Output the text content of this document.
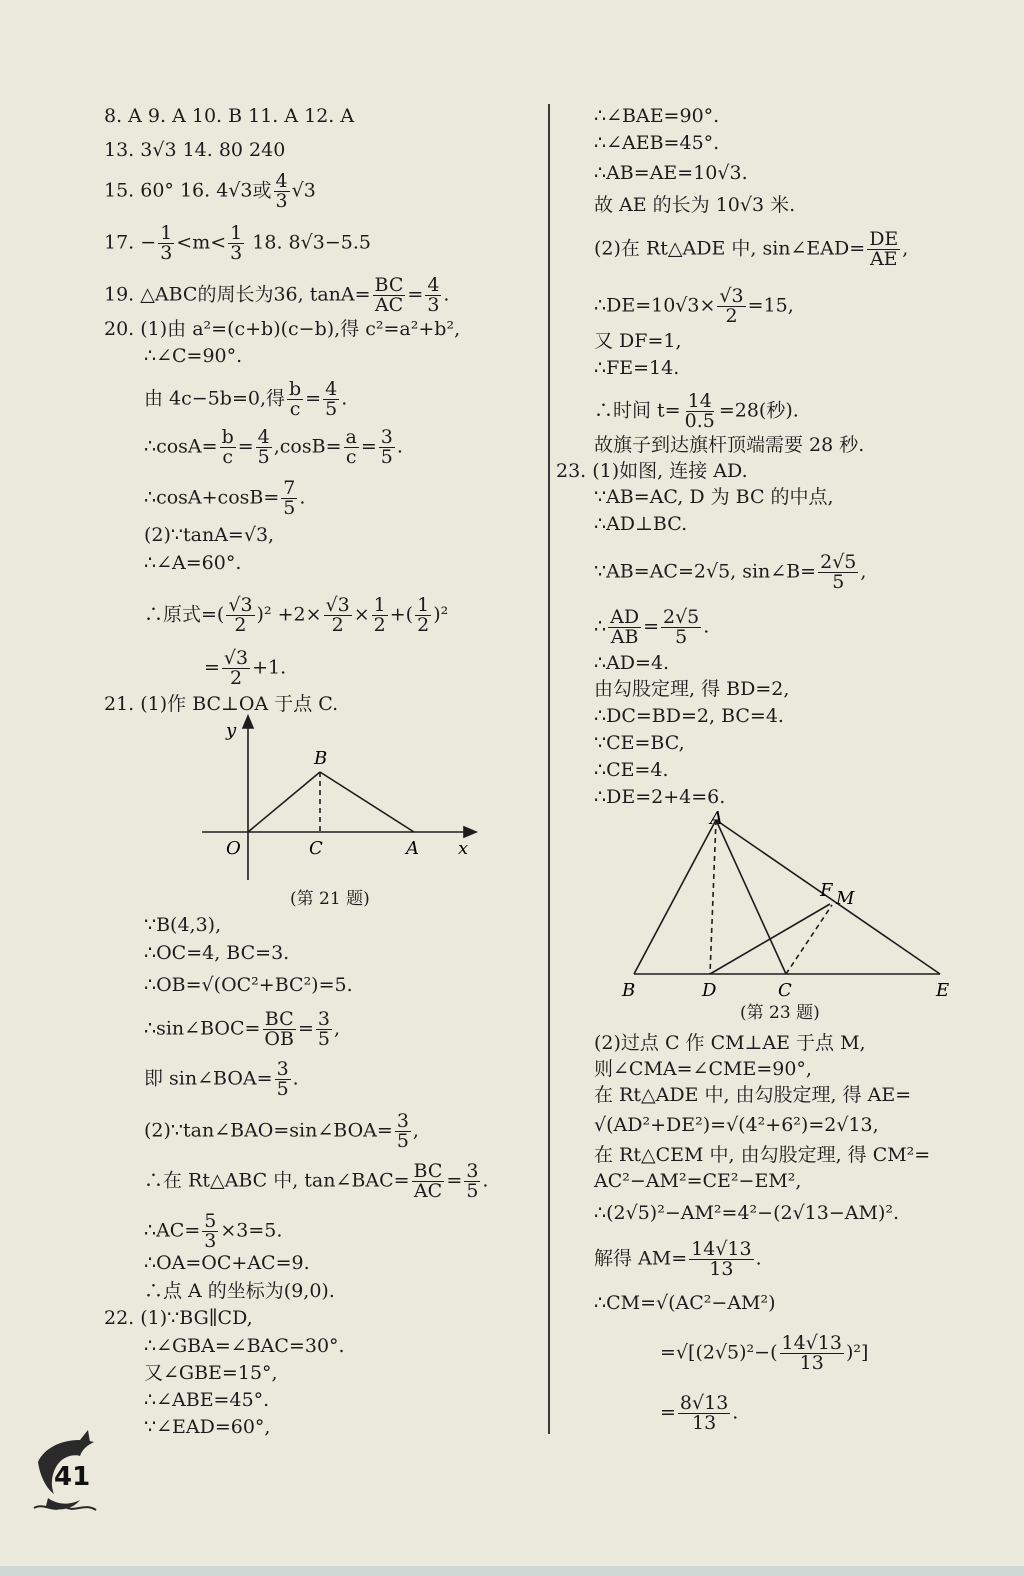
8. A 9. A 10. B 11. A 12. A
13. 3√3 14. 80 240
15. 60° 16. 4√3或 $\frac{4}{3} √3$
17. − $\frac{1}{3} <m< \frac{1}{3} 18$. 8√3−5.5
19. △ABC的周长为36, $\tan A= \frac{BC}{AC} = \frac{4}{3}$ .
20. (1)由 a²=(c+b)(c−b),得 c²=a²+b²,
∴∠C=90°.
由 4c−5b=0,得 $\frac{b}{c} = \frac{4}{5}$ .
∴cosA= $\frac{b}{c} = \frac{4}{5} ,\cos B= \frac{a}{c} = \frac{3}{5}$ .
∴cosA+cosB= $\frac{7}{5}$ .
(2)∵tanA=√3,
∴∠A=60°.
∴原式=( $\frac{√3}{2} )^2 +2\times \frac{√3}{2} \times \frac{1}{2}$ +( $\frac{1}{2} )^2$
= $\frac{√3}{2} +1$.
21. (1)作 BC⊥OA 于点 C.
y
x
O
B
C	A
(第 21 题)
∵B(4,3),
∴OC=4, BC=3.
∴OB=√(OC²+BC²)=5.
∴sin∠BOC= $\frac{BC}{OB} = \frac{3}{5}$ ,
即 sin∠BOA= $\frac{3}{5}$ .
(2)∵tan∠BAO=sin∠BOA= $\frac{3}{5}$ ,
∴在 Rt△ABC 中, tan∠BAC= $\frac{BC}{AC} = \frac{3}{5}$ .
∴AC= $\frac{5}{3} \times 3=5$.
∴OA=OC+AC=9.
∴点 A 的坐标为(9,0).
22. (1)∵BG∥CD,
∴∠GBA=∠BAC=30°.
又∠GBE=15°,
∴∠ABE=45°.
∵∠EAD=60°,
∴∠BAE=90°.
∴∠AEB=45°.
∴AB=AE=10√3.
故 AE 的长为 10√3 米.
(2)在 Rt△ADE 中, sin∠EAD= $\frac{DE}{AE}$ ,
∴DE=10√3× $\frac{√3}{2} =15$,
又 DF=1,
∴FE=14.
∴时间 $t= \frac{14}{0.5} =28$(秒).
故旗子到达旗杆顶端需要 28 秒.
23. (1)如图, 连接 AD.
∵AB=AC, D 为 BC 的中点,
∴AD⊥BC.
∵AB=AC=2√5, sin∠B= $\frac{2√5}{5}$ ,
∴ $\frac{AD}{AB} = \frac{2√5}{5}$ .
∴AD=4.
由勾股定理, 得 BD=2,
∴DC=BD=2, BC=4.
∵CE=BC,
∴CE=4.
∴DE=2+4=6.
A
B	D	C	E
F M
(第 23 题)
(2)过点 C 作 CM⊥AE 于点 M,
则∠CMA=∠CME=90°,
在 Rt△ADE 中, 由勾股定理, 得 AE=
√(AD²+DE²)=√(4²+6²)=2√13,
在 Rt△CEM 中, 由勾股定理, 得 CM²=
AC²−AM²=CE²−EM²,
∴(2√5)²−AM²=4²−(2√13−AM)².
解得 $AM= \frac{14√13}{13}$ .
∴CM=√(AC²−AM²)
$=√[(2√5)^2-( \frac{14√13}{13} )^2]$
= $\frac{8√13}{13}$ .
41
